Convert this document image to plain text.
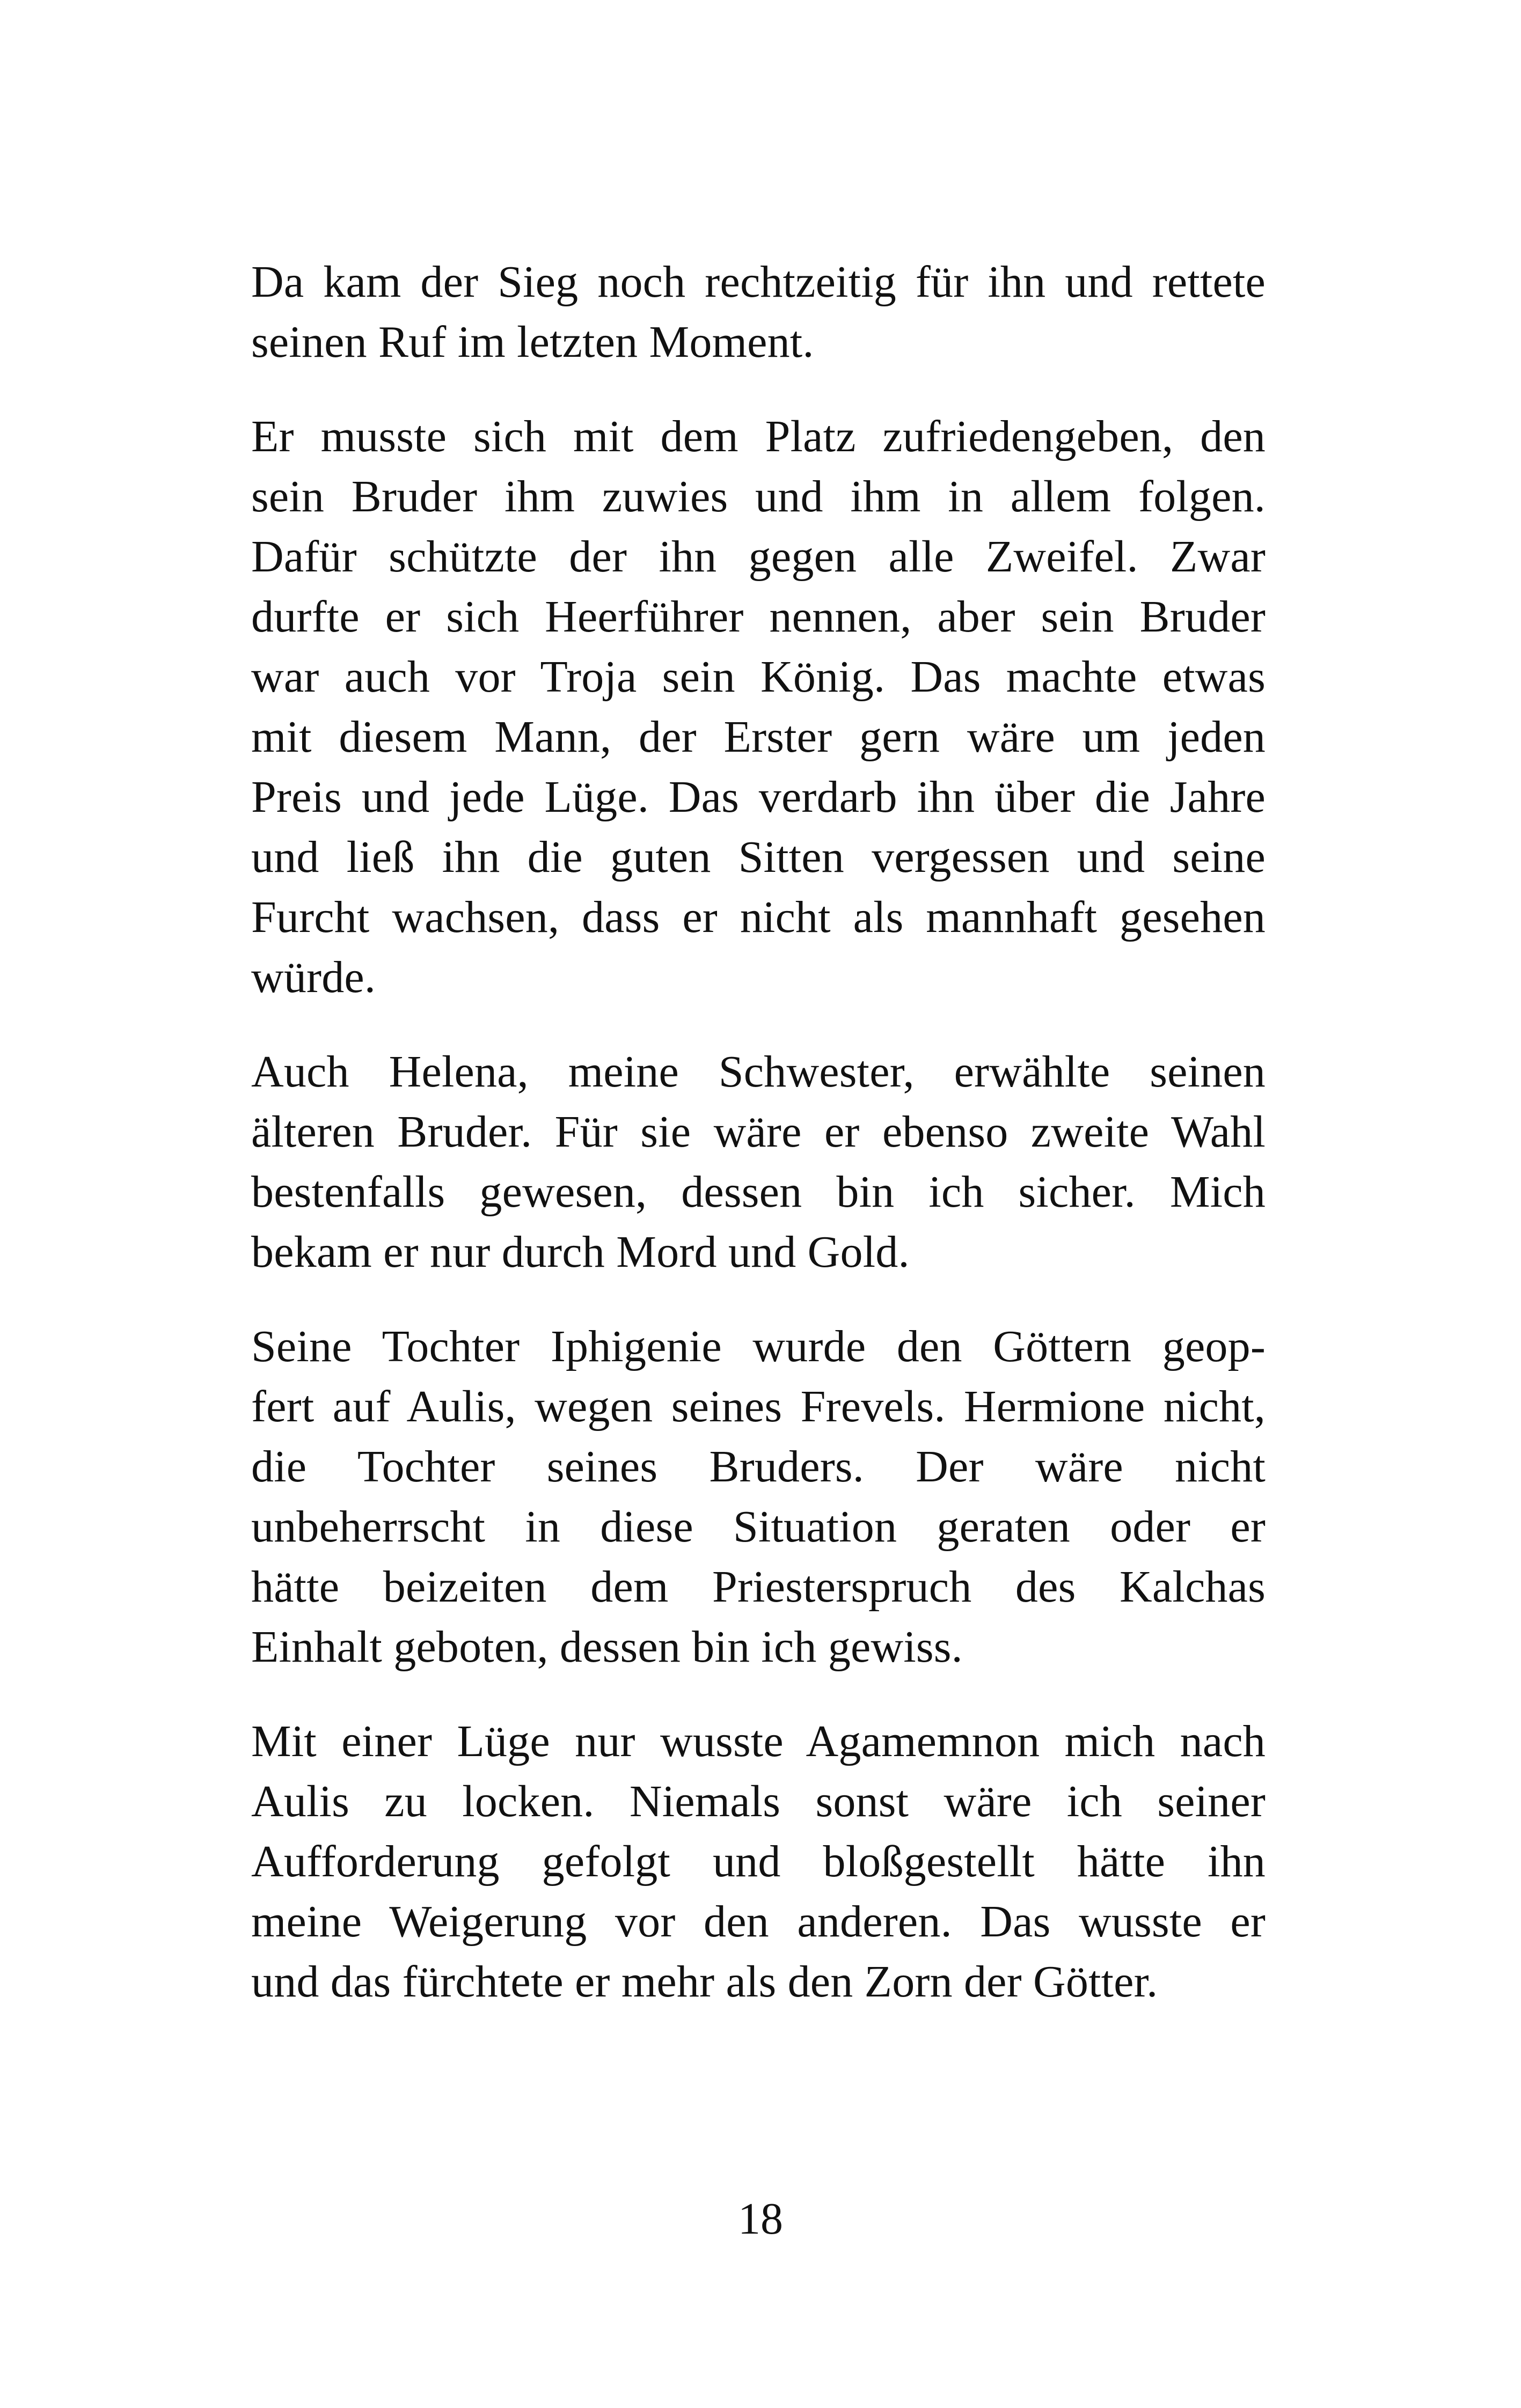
Da kam der Sieg noch rechtzeitig für ihn und rettete
seinen Ruf im letzten Moment.

Er musste sich mit dem Platz zufriedengeben, den
sein Bruder ihm zuwies und ihm in allem folgen.
Dafür schützte der ihn gegen alle Zweifel. Zwar
durfte er sich Heerführer nennen, aber sein Bruder
war auch vor Troja sein König. Das machte etwas
mit diesem Mann, der Erster gern wäre um jeden
Preis und jede Lüge. Das verdarb ihn über die Jahre
und ließ ihn die guten Sitten vergessen und seine
Furcht wachsen, dass er nicht als mannhaft gesehen
würde.

Auch Helena, meine Schwester, erwählte seinen
älteren Bruder. Für sie wäre er ebenso zweite Wahl
bestenfalls gewesen, dessen bin ich sicher. Mich
bekam er nur durch Mord und Gold.

Seine Tochter Iphigenie wurde den Göttern geop-
fert auf Aulis, wegen seines Frevels. Hermione nicht,
die Tochter seines Bruders. Der wäre nicht
unbeherrscht in diese Situation geraten oder er
hätte beizeiten dem Priesterspruch des Kalchas
Einhalt geboten, dessen bin ich gewiss.

Mit einer Lüge nur wusste Agamemnon mich nach
Aulis zu locken. Niemals sonst wäre ich seiner
Aufforderung gefolgt und bloßgestellt hätte ihn
meine Weigerung vor den anderen. Das wusste er
und das fürchtete er mehr als den Zorn der Götter.

18
